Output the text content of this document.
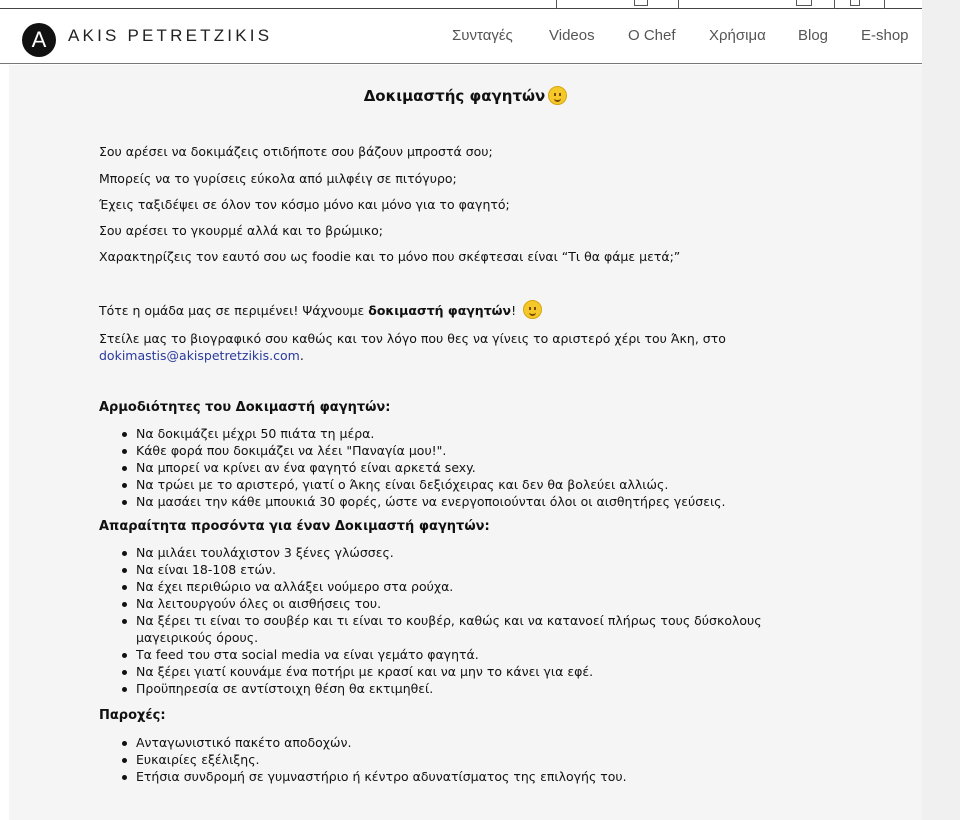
A	AKIS PETRETZIKIS	Συνταγές Videos Ο Chef Χρήσιμα Blog E-shop
Δοκιμαστής φαγητών
Σου αρέσει να δοκιμάζεις οτιδήποτε σου βάζουν μπροστά σου;
Μπορείς να το γυρίσεις εύκολα από μιλφέιγ σε πιτόγυρο;
Έχεις ταξιδέψει σε όλον τον κόσμο μόνο και μόνο για το φαγητό;
Σου αρέσει το γκουρμέ αλλά και το βρώμικο;
Χαρακτηρίζεις τον εαυτό σου ως foodie και το μόνο που σκέφτεσαι είναι “Τι θα φάμε μετά;”
Τότε η ομάδα μας σε περιμένει! Ψάχνουμε δοκιμαστή φαγητών!
Στείλε μας το βιογραφικό σου καθώς και τον λόγο που θες να γίνεις το αριστερό χέρι του Άκη, στο
dokimastis@akispetretzikis.com.
Αρμοδιότητες του Δοκιμαστή φαγητών:
Να δοκιμάζει μέχρι 50 πιάτα τη μέρα.
Κάθε φορά που δοκιμάζει να λέει "Παναγία μου!".
Να μπορεί να κρίνει αν ένα φαγητό είναι αρκετά sexy.
Να τρώει με το αριστερό, γιατί ο Άκης είναι δεξιόχειρας και δεν θα βολεύει αλλιώς.
Να μασάει την κάθε μπουκιά 30 φορές, ώστε να ενεργοποιούνται όλοι οι αισθητήρες γεύσεις.
Απαραίτητα προσόντα για έναν Δοκιμαστή φαγητών:
Να μιλάει τουλάχιστον 3 ξένες γλώσσες.
Να είναι 18-108 ετών.
Να έχει περιθώριο να αλλάξει νούμερο στα ρούχα.
Να λειτουργούν όλες οι αισθήσεις του.
Να ξέρει τι είναι το σουβέρ και τι είναι το κουβέρ, καθώς και να κατανοεί πλήρως τους δύσκολους μαγειρικούς όρους.
Τα feed του στα social media να είναι γεμάτο φαγητά.
Να ξέρει γιατί κουνάμε ένα ποτήρι με κρασί και να μην το κάνει για εφέ.
Προϋπηρεσία σε αντίστοιχη θέση θα εκτιμηθεί.
Παροχές:
Ανταγωνιστικό πακέτο αποδοχών.
Ευκαιρίες εξέλιξης.
Ετήσια συνδρομή σε γυμναστήριο ή κέντρο αδυνατίσματος της επιλογής του.
